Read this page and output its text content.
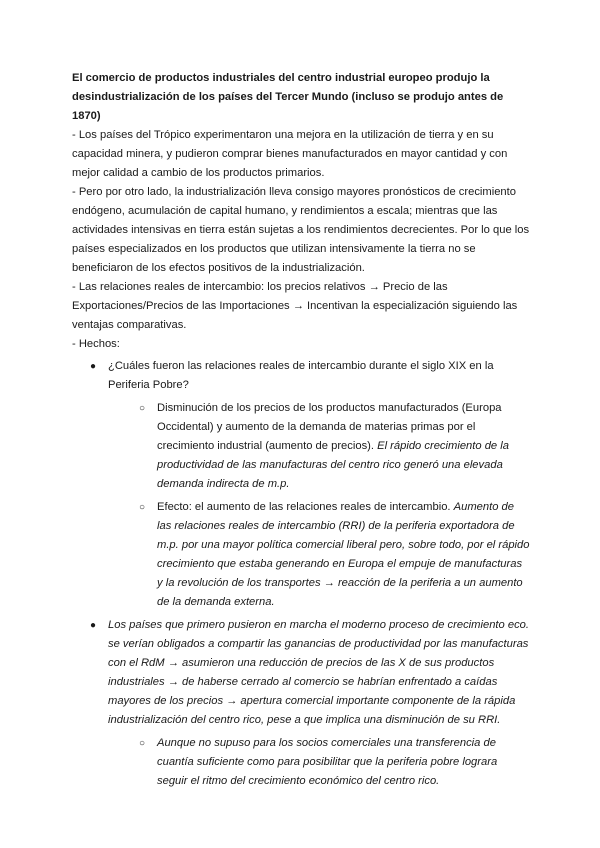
El comercio de productos industriales del centro industrial europeo produjo la desindustrialización de los países del Tercer Mundo (incluso se produjo antes de 1870)

- Los países del Trópico experimentaron una mejora en la utilización de tierra y en su capacidad minera, y pudieron comprar bienes manufacturados en mayor cantidad y con mejor calidad a cambio de los productos primarios.

- Pero por otro lado, la industrialización lleva consigo mayores pronósticos de crecimiento endógeno, acumulación de capital humano, y rendimientos a escala; mientras que las actividades intensivas en tierra están sujetas a los rendimientos decrecientes. Por lo que los países especializados en los productos que utilizan intensivamente la tierra no se beneficiaron de los efectos positivos de la industrialización.

- Las relaciones reales de intercambio: los precios relativos → Precio de las Exportaciones/Precios de las Importaciones → Incentivan la especialización siguiendo las ventajas comparativas.

- Hechos:

● ¿Cuáles fueron las relaciones reales de intercambio durante el siglo XIX en la Periferia Pobre?
○ Disminución de los precios de los productos manufacturados (Europa Occidental) y aumento de la demanda de materias primas por el crecimiento industrial (aumento de precios). El rápido crecimiento de la productividad de las manufacturas del centro rico generó una elevada demanda indirecta de m.p.
○ Efecto: el aumento de las relaciones reales de intercambio. Aumento de las relaciones reales de intercambio (RRI) de la periferia exportadora de m.p. por una mayor política comercial liberal pero, sobre todo, por el rápido crecimiento que estaba generando en Europa el empuje de manufacturas y la revolución de los transportes → reacción de la periferia a un aumento de la demanda externa.
● Los países que primero pusieron en marcha el moderno proceso de crecimiento eco. se verían obligados a compartir las ganancias de productividad por las manufacturas con el RdM → asumieron una reducción de precios de las X de sus productos industriales → de haberse cerrado al comercio se habrían enfrentado a caídas mayores de los precios → apertura comercial importante componente de la rápida industrialización del centro rico, pese a que implica una disminución de su RRI.
○ Aunque no supuso para los socios comerciales una transferencia de cuantía suficiente como para posibilitar que la periferia pobre lograra seguir el ritmo del crecimiento económico del centro rico.
